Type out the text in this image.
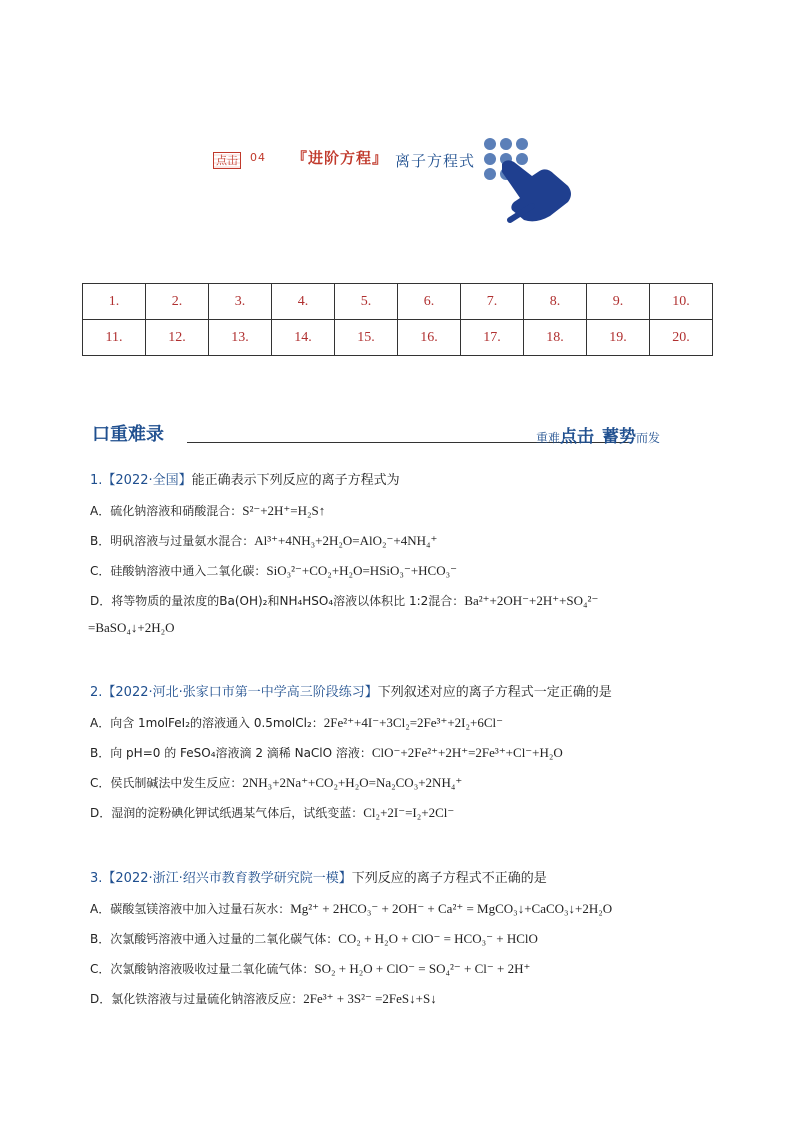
点击 04 『进阶方程』 离子方程式
1.	2.	3.	4.	5.	6.	7.	8.	9.	10.
11.	12.	13.	14.	15.	16.	17.	18.	19.	20.
口重难录	重难点击 蓄势而发
1.【2022·全国】能正确表示下列反应的离子方程式为
A．硫化钠溶液和硝酸混合：S²⁻+2H⁺=H₂S↑
B．明矾溶液与过量氨水混合：Al³⁺+4NH₃+2H₂O=AlO₂⁻+4NH₄⁺
C．硅酸钠溶液中通入二氧化碳：SiO₃²⁻+CO₂+H₂O=HSiO₃⁻+HCO₃⁻
D．将等物质的量浓度的Ba(OH)₂和NH₄HSO₄溶液以体积比 1:2混合：Ba²⁺+2OH⁻+2H⁺+SO₄²⁻
=BaSO₄↓+2H₂O
2.【2022·河北·张家口市第一中学高三阶段练习】下列叙述对应的离子方程式一定正确的是
A．向含 1molFeI₂的溶液通入 0.5molCl₂：2Fe²⁺+4I⁻+3Cl₂=2Fe³⁺+2I₂+6Cl⁻
B．向 pH=0 的 FeSO₄溶液滴 2 滴稀 NaClO 溶液：ClO⁻+2Fe²⁺+2H⁺=2Fe³⁺+Cl⁻+H₂O
C．侯氏制碱法中发生反应：2NH₃+2Na⁺+CO₂+H₂O=Na₂CO₃+2NH₄⁺
D．湿润的淀粉碘化钾试纸遇某气体后，试纸变蓝：Cl₂+2I⁻=I₂+2Cl⁻
3.【2022·浙江·绍兴市教育教学研究院一模】下列反应的离子方程式不正确的是
A．碳酸氢镁溶液中加入过量石灰水：Mg²⁺ + 2HCO₃⁻ + 2OH⁻ + Ca²⁺ = MgCO₃↓+CaCO₃↓+2H₂O
B．次氯酸钙溶液中通入过量的二氧化碳气体：CO₂ + H₂O + ClO⁻ = HCO₃⁻ + HClO
C．次氯酸钠溶液吸收过量二氧化硫气体：SO₂ + H₂O + ClO⁻ = SO₄²⁻ + Cl⁻ + 2H⁺
D．氯化铁溶液与过量硫化钠溶液反应：2Fe³⁺ + 3S²⁻ =2FeS↓+S↓
